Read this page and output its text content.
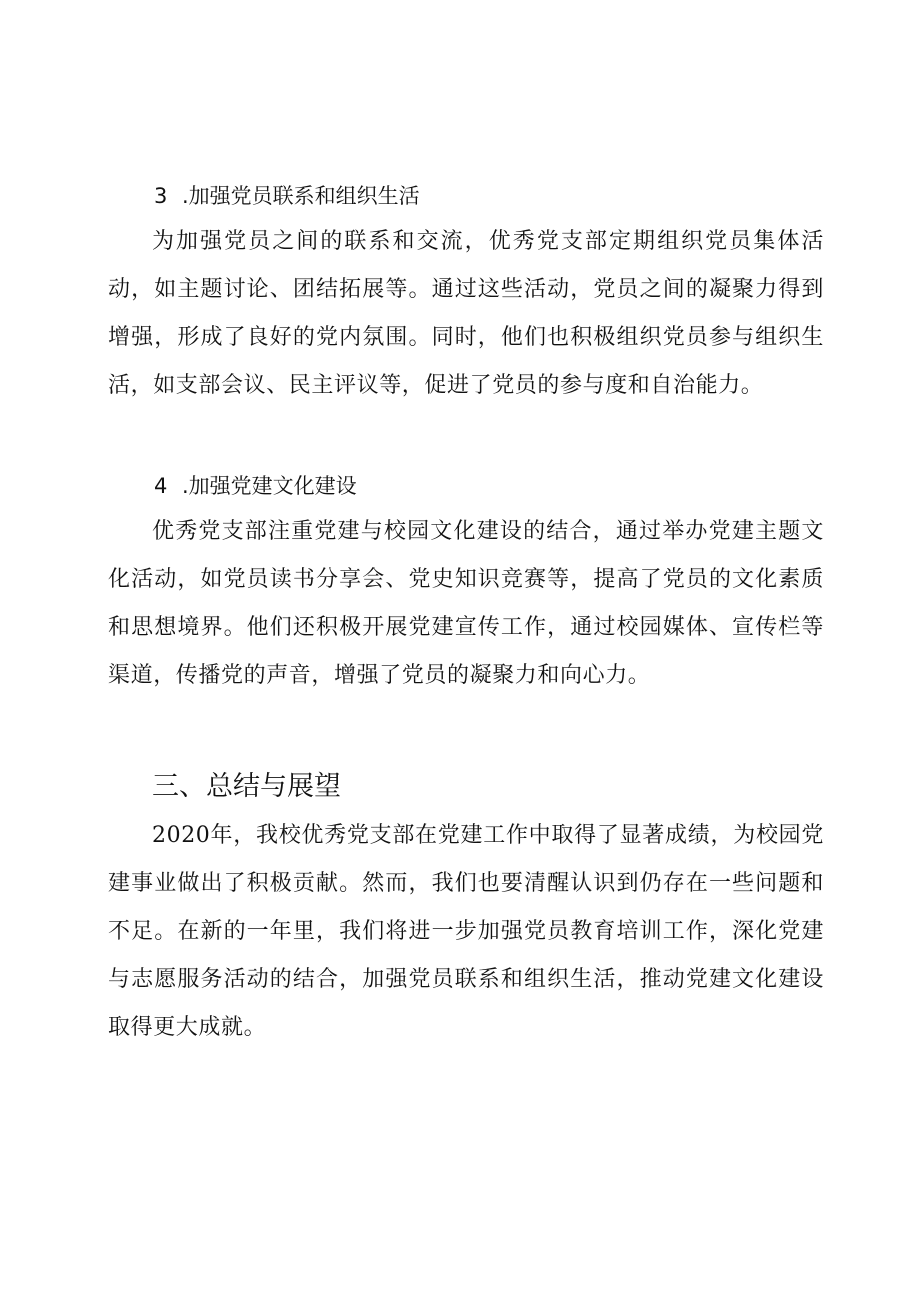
3 .加强党员联系和组织生活

为加强党员之间的联系和交流，优秀党支部定期组织党员集体活动，如主题讨论、团结拓展等。通过这些活动，党员之间的凝聚力得到增强，形成了良好的党内氛围。同时，他们也积极组织党员参与组织生活，如支部会议、民主评议等，促进了党员的参与度和自治能力。

4 .加强党建文化建设

优秀党支部注重党建与校园文化建设的结合，通过举办党建主题文化活动，如党员读书分享会、党史知识竞赛等，提高了党员的文化素质和思想境界。他们还积极开展党建宣传工作，通过校园媒体、宣传栏等渠道，传播党的声音，增强了党员的凝聚力和向心力。

三、总结与展望

2020年，我校优秀党支部在党建工作中取得了显著成绩，为校园党建事业做出了积极贡献。然而，我们也要清醒认识到仍存在一些问题和不足。在新的一年里，我们将进一步加强党员教育培训工作，深化党建与志愿服务活动的结合，加强党员联系和组织生活，推动党建文化建设取得更大成就。
